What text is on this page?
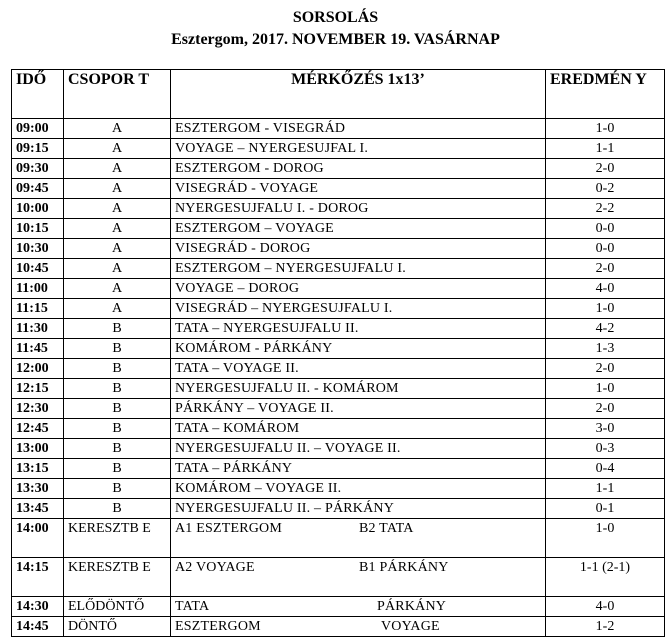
SORSOLÁS
Esztergom, 2017. NOVEMBER 19. VASÁRNAP
IDŐ	CSOPOR T	MÉRKŐZÉS 1x13’	EREDMÉN Y
09:00	A	ESZTERGOM - VISEGRÁD	1-0
09:15	A	VOYAGE – NYERGESUJFAL I.	1-1
09:30	A	ESZTERGOM - DOROG	2-0
09:45	A	VISEGRÁD - VOYAGE	0-2
10:00	A	NYERGESUJFALU I. - DOROG	2-2
10:15	A	ESZTERGOM – VOYAGE	0-0
10:30	A	VISEGRÁD - DOROG	0-0
10:45	A	ESZTERGOM – NYERGESUJFALU I.	2-0
11:00	A	VOYAGE – DOROG	4-0
11:15	A	VISEGRÁD – NYERGESUJFALU I.	1-0
11:30	B	TATA – NYERGESUJFALU II.	4-2
11:45	B	KOMÁROM - PÁRKÁNY	1-3
12:00	B	TATA – VOYAGE II.	2-0
12:15	B	NYERGESUJFALU II. - KOMÁROM	1-0
12:30	B	PÁRKÁNY – VOYAGE II.	2-0
12:45	B	TATA – KOMÁROM	3-0
13:00	B	NYERGESUJFALU II. – VOYAGE II.	0-3
13:15	B	TATA – PÁRKÁNY	0-4
13:30	B	KOMÁROM – VOYAGE II.	1-1
13:45	B	NYERGESUJFALU II. – PÁRKÁNY	0-1
14:00	KERESZTB E	A1 ESZTERGOM B2 TATA	1-0
14:15	KERESZTB E	A2 VOYAGE B1 PÁRKÁNY	1-1 (2-1)
14:30	ELŐDÖNTŐ	TATA PÁRKÁNY	4-0
14:45	DÖNTŐ	ESZTERGOM VOYAGE	1-2
